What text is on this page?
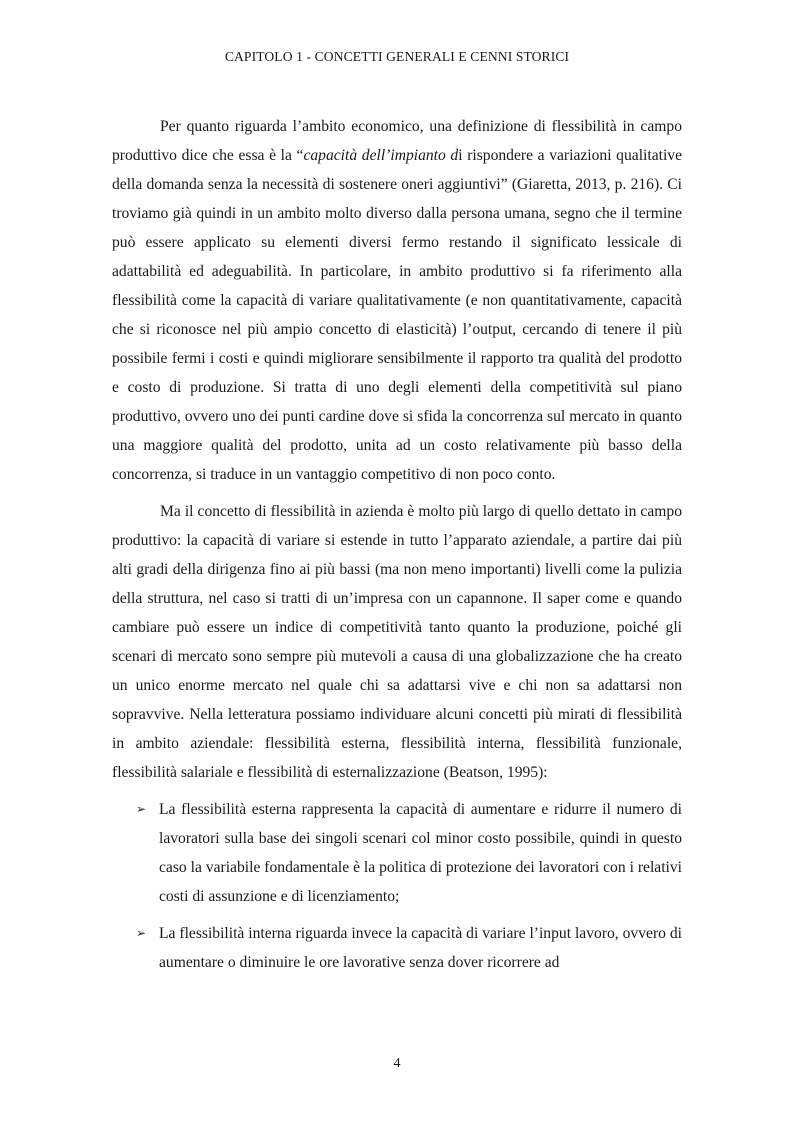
CAPITOLO 1 - CONCETTI GENERALI E CENNI STORICI

Per quanto riguarda l’ambito economico, una definizione di flessibilità in campo produttivo dice che essa è la “capacità dell’impianto di rispondere a variazioni qualitative della domanda senza la necessità di sostenere oneri aggiuntivi” (Giaretta, 2013, p. 216). Ci troviamo già quindi in un ambito molto diverso dalla persona umana, segno che il termine può essere applicato su elementi diversi fermo restando il significato lessicale di adattabilità ed adeguabilità. In particolare, in ambito produttivo si fa riferimento alla flessibilità come la capacità di variare qualitativamente (e non quantitativamente, capacità che si riconosce nel più ampio concetto di elasticità) l’output, cercando di tenere il più possibile fermi i costi e quindi migliorare sensibilmente il rapporto tra qualità del prodotto e costo di produzione. Si tratta di uno degli elementi della competitività sul piano produttivo, ovvero uno dei punti cardine dove si sfida la concorrenza sul mercato in quanto una maggiore qualità del prodotto, unita ad un costo relativamente più basso della concorrenza, si traduce in un vantaggio competitivo di non poco conto.

Ma il concetto di flessibilità in azienda è molto più largo di quello dettato in campo produttivo: la capacità di variare si estende in tutto l’apparato aziendale, a partire dai più alti gradi della dirigenza fino ai più bassi (ma non meno importanti) livelli come la pulizia della struttura, nel caso si tratti di un’impresa con un capannone. Il saper come e quando cambiare può essere un indice di competitività tanto quanto la produzione, poiché gli scenari di mercato sono sempre più mutevoli a causa di una globalizzazione che ha creato un unico enorme mercato nel quale chi sa adattarsi vive e chi non sa adattarsi non sopravvive. Nella letteratura possiamo individuare alcuni concetti più mirati di flessibilità in ambito aziendale: flessibilità esterna, flessibilità interna, flessibilità funzionale, flessibilità salariale e flessibilità di esternalizzazione (Beatson, 1995):

➢ La flessibilità esterna rappresenta la capacità di aumentare e ridurre il numero di lavoratori sulla base dei singoli scenari col minor costo possibile, quindi in questo caso la variabile fondamentale è la politica di protezione dei lavoratori con i relativi costi di assunzione e di licenziamento;
➢ La flessibilità interna riguarda invece la capacità di variare l’input lavoro, ovvero di aumentare o diminuire le ore lavorative senza dover ricorrere ad
4
